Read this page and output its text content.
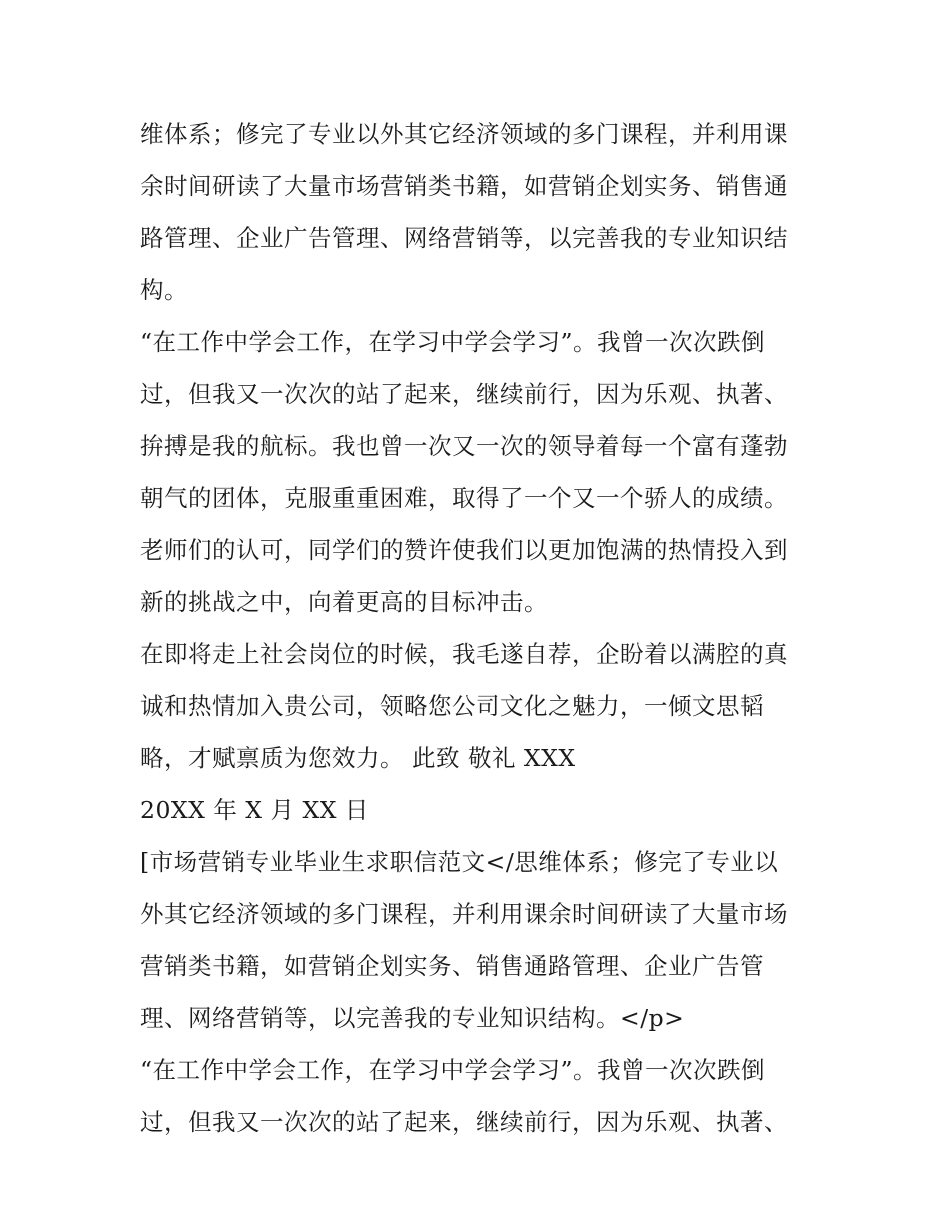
维体系；修完了专业以外其它经济领域的多门课程，并利用课
余时间研读了大量市场营销类书籍，如营销企划实务、销售通
路管理、企业广告管理、网络营销等，以完善我的专业知识结
构。
“在工作中学会工作，在学习中学会学习”。我曾一次次跌倒
过，但我又一次次的站了起来，继续前行，因为乐观、执著、
拚搏是我的航标。我也曾一次又一次的领导着每一个富有蓬勃
朝气的团体，克服重重困难，取得了一个又一个骄人的成绩。
老师们的认可，同学们的赞许使我们以更加饱满的热情投入到
新的挑战之中，向着更高的目标冲击。
在即将走上社会岗位的时候，我毛遂自荐，企盼着以满腔的真
诚和热情加入贵公司，领略您公司文化之魅力，一倾文思韬
略，才赋禀质为您效力。 此致 敬礼 XXX
20XX 年 X 月 XX 日
[市场营销专业毕业生求职信范文</思维体系；修完了专业以
外其它经济领域的多门课程，并利用课余时间研读了大量市场
营销类书籍，如营销企划实务、销售通路管理、企业广告管
理、网络营销等，以完善我的专业知识结构。</p>
“在工作中学会工作，在学习中学会学习”。我曾一次次跌倒
过，但我又一次次的站了起来，继续前行，因为乐观、执著、
